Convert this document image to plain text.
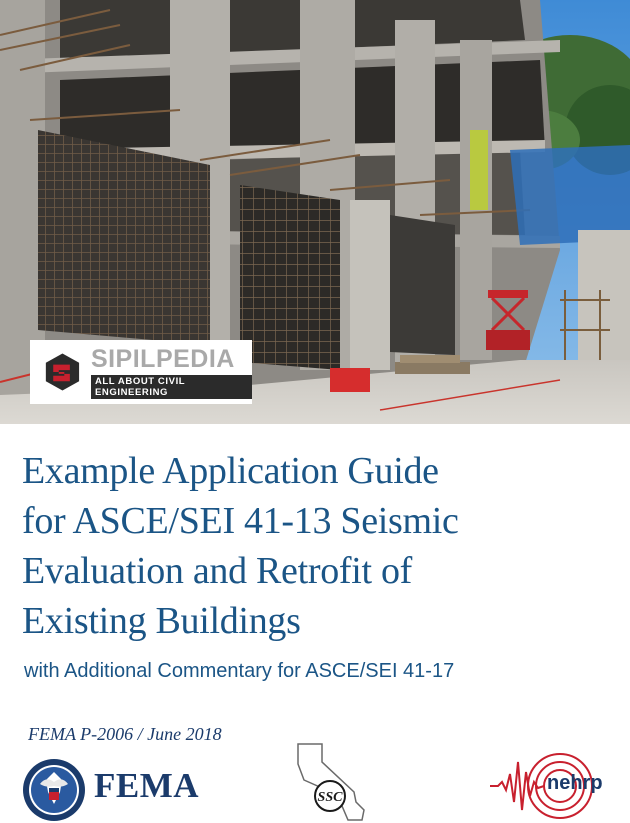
SIPILPEDIA
ALL ABOUT CIVIL ENGINEERING
Example Application Guide
for ASCE/SEI 41-13 Seismic
Evaluation and Retrofit of
Existing Buildings
with Additional Commentary for ASCE/SEI 41-17
FEMA P-2006 / June 2018
FEMA	SSC
nehrp
